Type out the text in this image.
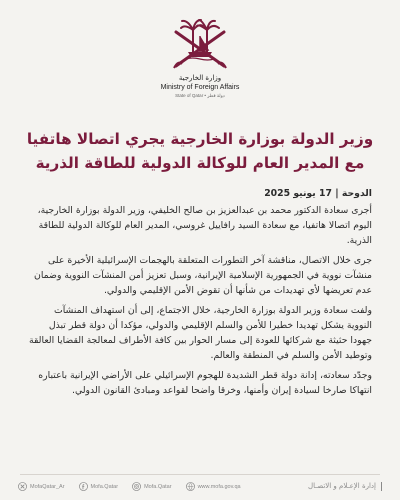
وزارة الخارجية
Ministry of Foreign Affairs
State of Qatar • دولة قطر
وزير الدولة بوزارة الخارجية يجري اتصالا هاتفيا
مع المدير العام للوكالة الدولية للطاقة الذرية
الدوحة | 17 يونيو 2025

أجرى سعادة الدكتور محمد بن عبدالعزيز بن صالح الخليفي، وزير الدولة بوزارة الخارجية، اليوم اتصالا هاتفيا، مع سعادة السيد رافاييل غروسي، المدير العام للوكالة الدولية للطاقة الذرية.

جرى خلال الاتصال، مناقشة آخر التطورات المتعلقة بالهجمات الإسرائيلية الأخيرة على منشآت نووية في الجمهورية الإسلامية الإيرانية، وسبل تعزيز أمن المنشآت النووية وضمان عدم تعريضها لأي تهديدات من شأنها أن تقوض الأمن الإقليمي والدولي.

ولفت سعادة وزير الدولة بوزارة الخارجية، خلال الاجتماع، إلى أن استهداف المنشآت النووية يشكل تهديدا خطيرا للأمن والسلم الإقليمي والدولي، مؤكدا أن دولة قطر تبذل جهودا حثيثة مع شركائها للعودة إلى مسار الحوار بين كافة الأطراف لمعالجة القضايا العالقة وتوطيد الأمن والسلم في المنطقة والعالم.

وجدّد سعادته، إدانة دولة قطر الشديدة للهجوم الإسرائيلي على الأراضي الإيرانية باعتباره انتهاكا صارخا لسيادة إيران وأمنها، وخرقا واضحا لقواعد ومبادئ القانون الدولي.

إدارة الإعـلام و الاتصـال
MofaQatar_Ar	Mofa.Qatar	Mofa.Qatar	www.mofa.gov.qa
